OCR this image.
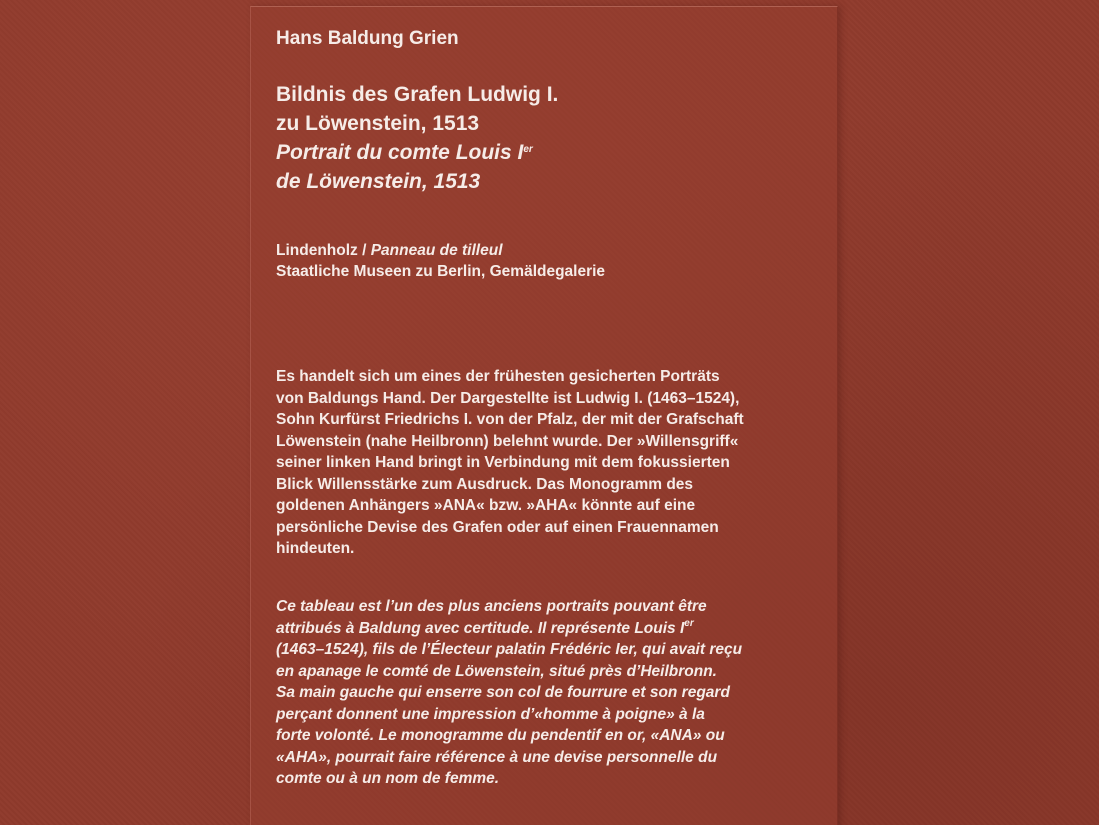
Hans Baldung Grien
Bildnis des Grafen Ludwig I.
zu Löwenstein, 1513
Portrait du comte Louis Ier
de Löwenstein, 1513
Lindenholz / Panneau de tilleul
Staatliche Museen zu Berlin, Gemäldegalerie
Es handelt sich um eines der frühesten gesicherten Porträts
von Baldungs Hand. Der Dargestellte ist Ludwig I. (1463–1524),
Sohn Kurfürst Friedrichs I. von der Pfalz, der mit der Grafschaft
Löwenstein (nahe Heilbronn) belehnt wurde. Der »Willensgriff«
seiner linken Hand bringt in Verbindung mit dem fokussierten
Blick Willensstärke zum Ausdruck. Das Monogramm des
goldenen Anhängers »ANA« bzw. »AHA« könnte auf eine
persönliche Devise des Grafen oder auf einen Frauennamen
hindeuten.
Ce tableau est l’un des plus anciens portraits pouvant être
attribués à Baldung avec certitude. Il représente Louis Ier
(1463–1524), fils de l’Électeur palatin Frédéric Ier, qui avait reçu
en apanage le comté de Löwenstein, situé près d’Heilbronn.
Sa main gauche qui enserre son col de fourrure et son regard
perçant donnent une impression d’«homme à poigne» à la
forte volonté. Le monogramme du pendentif en or, «ANA» ou
«AHA», pourrait faire référence à une devise personnelle du
comte ou à un nom de femme.
